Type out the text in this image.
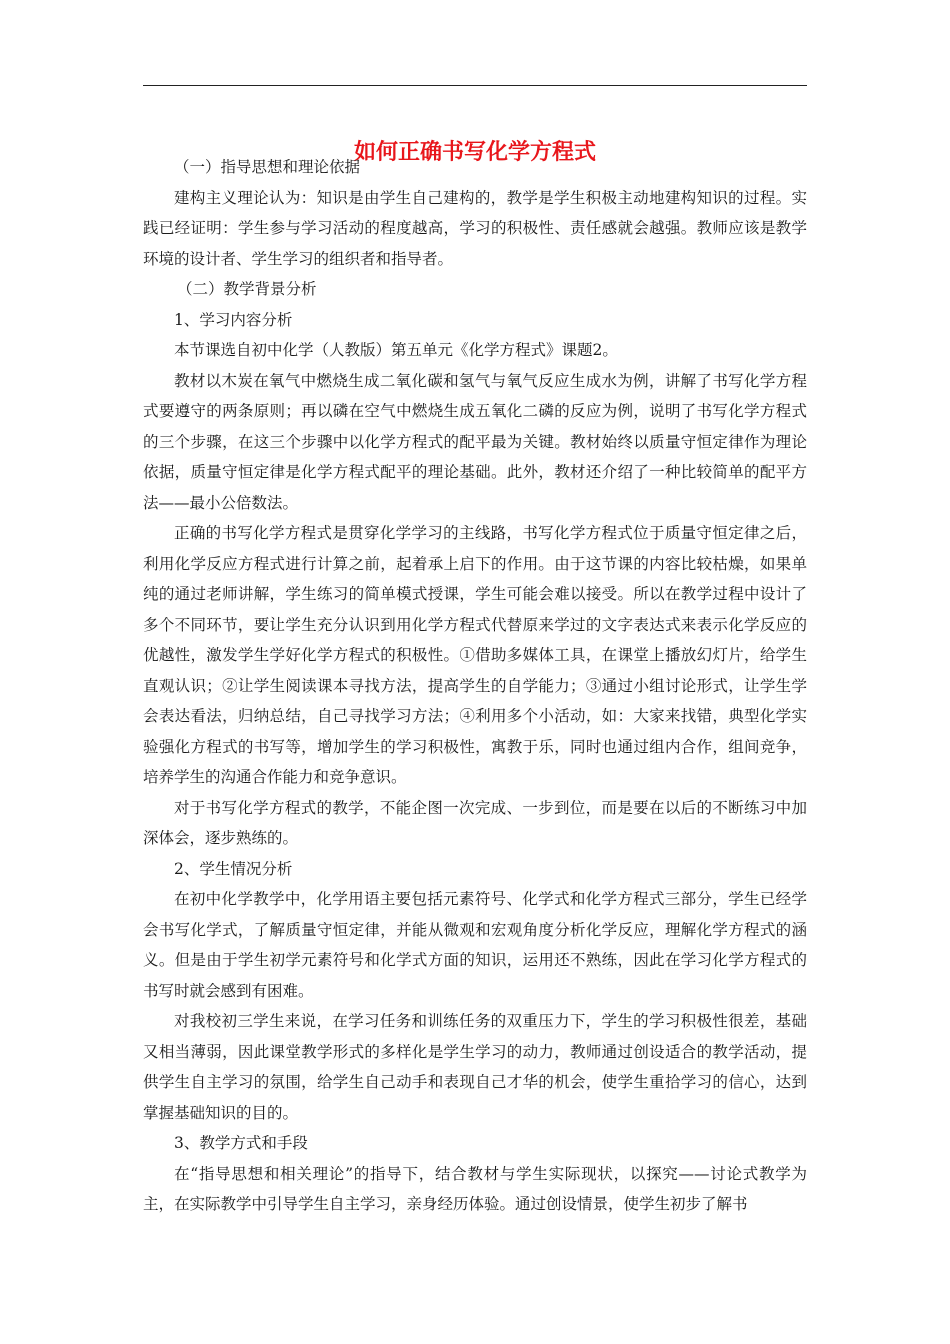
如何正确书写化学方程式

（一）指导思想和理论依据

建构主义理论认为：知识是由学生自己建构的，教学是学生积极主动地建构知识的过程。实践已经证明：学生参与学习活动的程度越高，学习的积极性、责任感就会越强。教师应该是教学环境的设计者、学生学习的组织者和指导者。

（二）教学背景分析

1、学习内容分析

本节课选自初中化学（人教版）第五单元《化学方程式》课题2。

教材以木炭在氧气中燃烧生成二氧化碳和氢气与氧气反应生成水为例，讲解了书写化学方程式要遵守的两条原则；再以磷在空气中燃烧生成五氧化二磷的反应为例，说明了书写化学方程式的三个步骤，在这三个步骤中以化学方程式的配平最为关键。教材始终以质量守恒定律作为理论依据，质量守恒定律是化学方程式配平的理论基础。此外，教材还介绍了一种比较简单的配平方法——最小公倍数法。

正确的书写化学方程式是贯穿化学学习的主线路，书写化学方程式位于质量守恒定律之后，利用化学反应方程式进行计算之前，起着承上启下的作用。由于这节课的内容比较枯燥，如果单纯的通过老师讲解，学生练习的简单模式授课，学生可能会难以接受。所以在教学过程中设计了多个不同环节，要让学生充分认识到用化学方程式代替原来学过的文字表达式来表示化学反应的优越性，激发学生学好化学方程式的积极性。①借助多媒体工具，在课堂上播放幻灯片，给学生直观认识；②让学生阅读课本寻找方法，提高学生的自学能力；③通过小组讨论形式，让学生学会表达看法，归纳总结，自己寻找学习方法；④利用多个小活动，如：大家来找错，典型化学实验强化方程式的书写等，增加学生的学习积极性，寓教于乐，同时也通过组内合作，组间竞争，培养学生的沟通合作能力和竞争意识。

对于书写化学方程式的教学，不能企图一次完成、一步到位，而是要在以后的不断练习中加深体会，逐步熟练的。

2、学生情况分析

在初中化学教学中，化学用语主要包括元素符号、化学式和化学方程式三部分，学生已经学会书写化学式，了解质量守恒定律，并能从微观和宏观角度分析化学反应，理解化学方程式的涵义。但是由于学生初学元素符号和化学式方面的知识，运用还不熟练，因此在学习化学方程式的书写时就会感到有困难。

对我校初三学生来说，在学习任务和训练任务的双重压力下，学生的学习积极性很差，基础又相当薄弱，因此课堂教学形式的多样化是学生学习的动力，教师通过创设适合的教学活动，提供学生自主学习的氛围，给学生自己动手和表现自己才华的机会，使学生重拾学习的信心，达到掌握基础知识的目的。

3、教学方式和手段

在“指导思想和相关理论”的指导下，结合教材与学生实际现状，以探究——讨论式教学为主，在实际教学中引导学生自主学习，亲身经历体验。通过创设情景，使学生初步了解书
